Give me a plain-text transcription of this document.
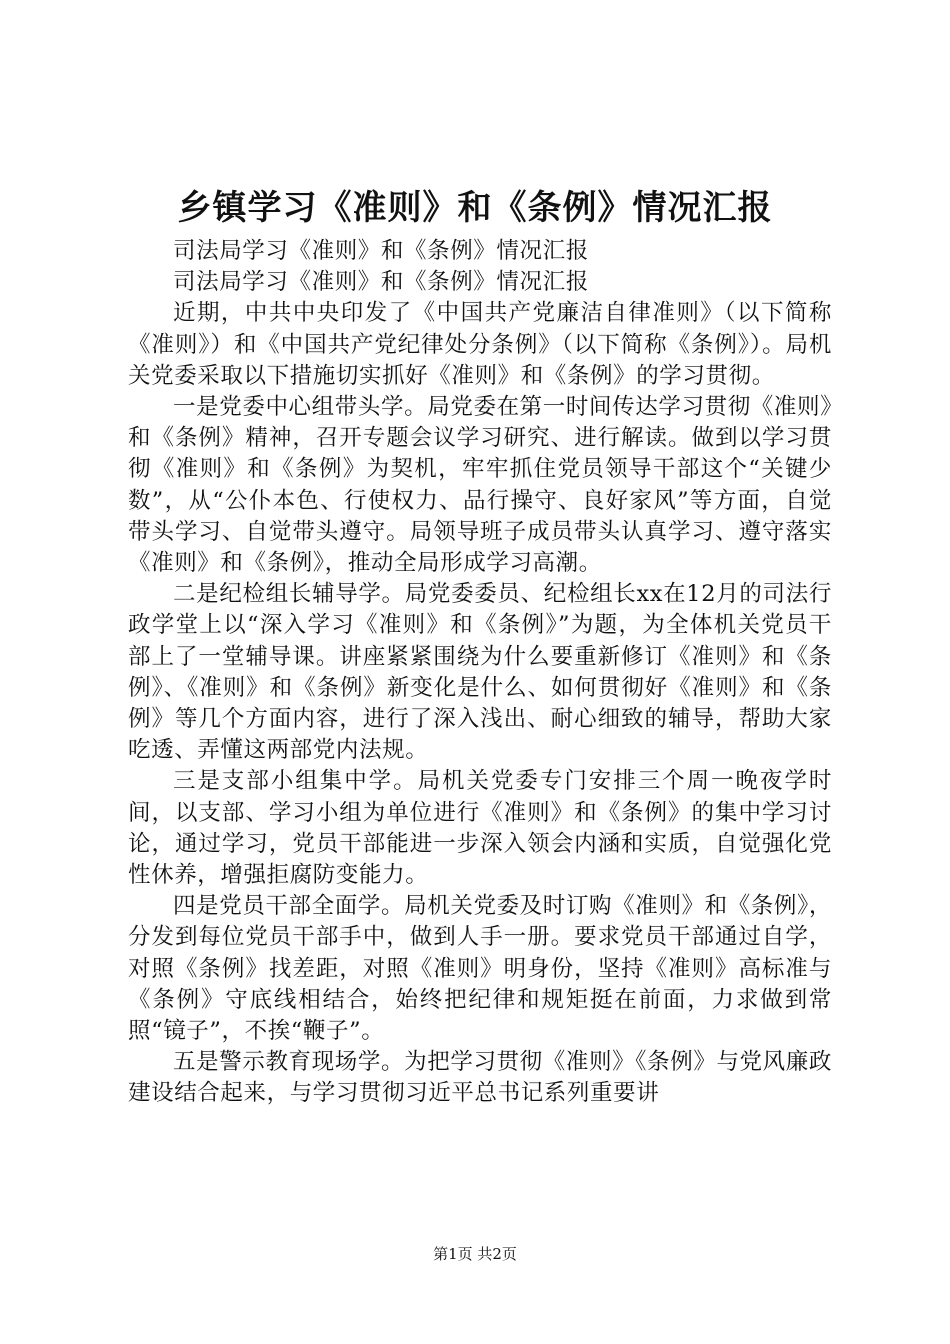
乡镇学习《准则》和《条例》情况汇报

司法局学习《准则》和《条例》情况汇报

司法局学习《准则》和《条例》情况汇报

近期，中共中央印发了《中国共产党廉洁自律准则》（以下简称《准则》）和《中国共产党纪律处分条例》（以下简称《条例》）。局机关党委采取以下措施切实抓好《准则》和《条例》的学习贯彻。

一是党委中心组带头学。局党委在第一时间传达学习贯彻《准则》和《条例》精神，召开专题会议学习研究、进行解读。做到以学习贯彻《准则》和《条例》为契机，牢牢抓住党员领导干部这个“关键少数”，从“公仆本色、行使权力、品行操守、良好家风”等方面，自觉带头学习、自觉带头遵守。局领导班子成员带头认真学习、遵守落实《准则》和《条例》，推动全局形成学习高潮。

二是纪检组长辅导学。局党委委员、纪检组长xx在12月的司法行政学堂上以“深入学习《准则》和《条例》”为题，为全体机关党员干部上了一堂辅导课。讲座紧紧围绕为什么要重新修订《准则》和《条例》、《准则》和《条例》新变化是什么、如何贯彻好《准则》和《条例》等几个方面内容，进行了深入浅出、耐心细致的辅导，帮助大家吃透、弄懂这两部党内法规。

三是支部小组集中学。局机关党委专门安排三个周一晚夜学时间，以支部、学习小组为单位进行《准则》和《条例》的集中学习讨论，通过学习，党员干部能进一步深入领会内涵和实质，自觉强化党性休养，增强拒腐防变能力。

四是党员干部全面学。局机关党委及时订购《准则》和《条例》，分发到每位党员干部手中，做到人手一册。要求党员干部通过自学，对照《条例》找差距，对照《准则》明身份，坚持《准则》高标准与《条例》守底线相结合，始终把纪律和规矩挺在前面，力求做到常照“镜子”，不挨“鞭子”。

五是警示教育现场学。为把学习贯彻《准则》《条例》与党风廉政建设结合起来，与学习贯彻习近平总书记系列重要讲

第1页 共2页
